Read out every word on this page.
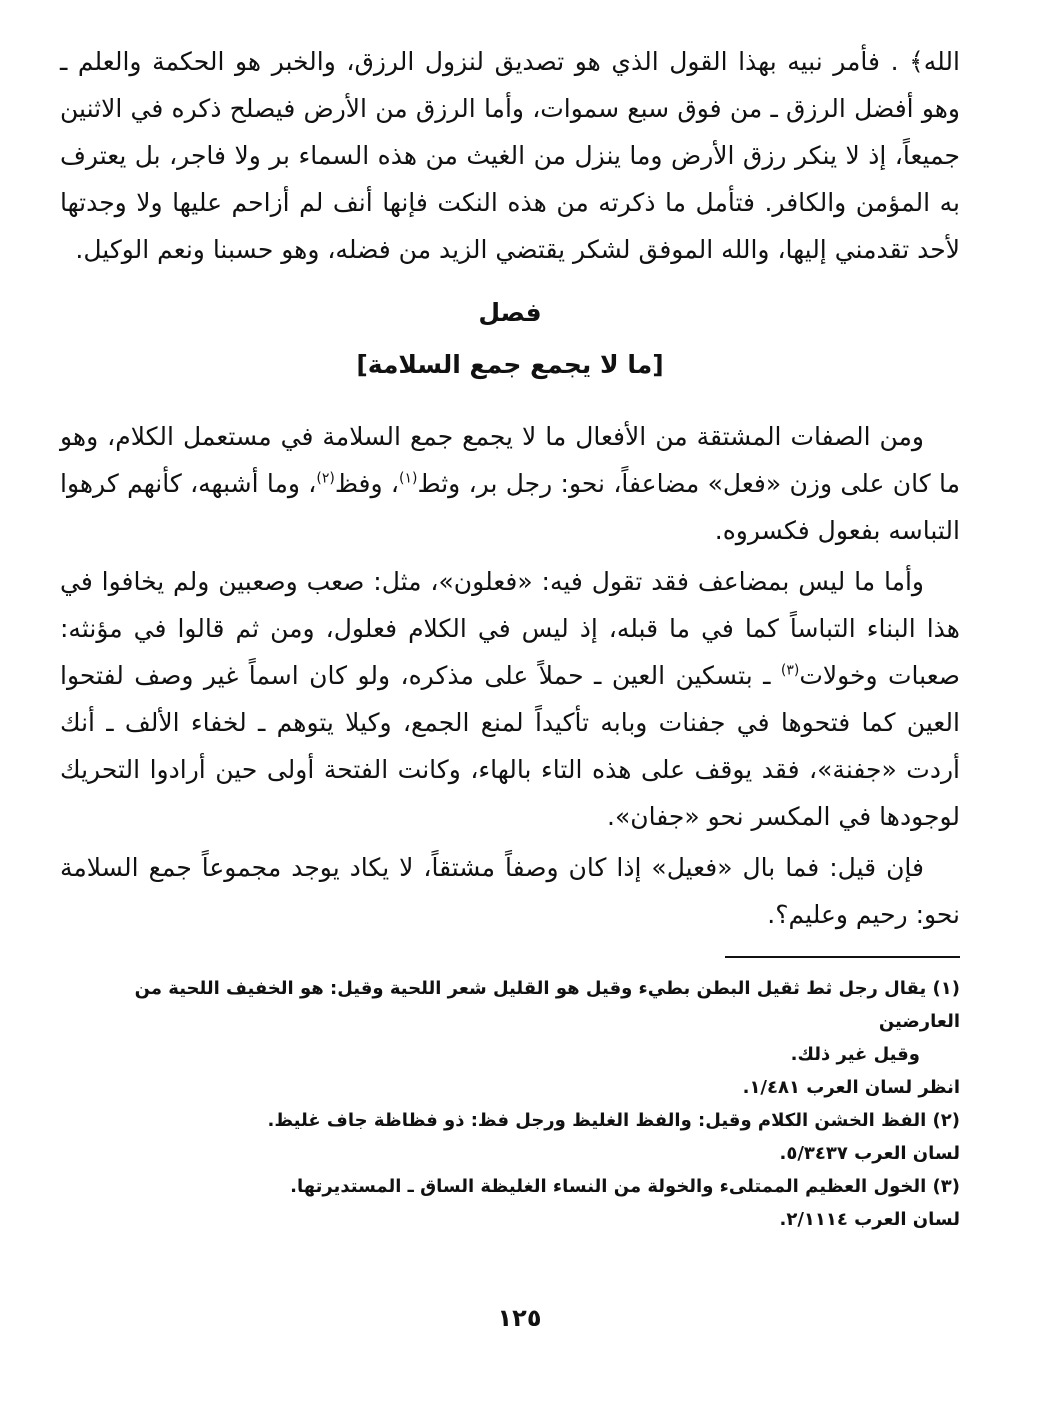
الله﴾ . فأمر نبيه بهذا القول الذي هو تصديق لنزول الرزق، والخبر هو الحكمة والعلم ـ وهو أفضل الرزق ـ من فوق سبع سموات، وأما الرزق من الأرض فيصلح ذكره في الاثنين جميعاً، إذ لا ينكر رزق الأرض وما ينزل من الغيث من هذه السماء بر ولا فاجر، بل يعترف به المؤمن والكافر. فتأمل ما ذكرته من هذه النكت فإنها أنف لم أزاحم عليها ولا وجدتها لأحد تقدمني إليها، والله الموفق لشكر يقتضي الزيد من فضله، وهو حسبنا ونعم الوكيل.

فصل
[ما لا يجمع جمع السلامة]

ومن الصفات المشتقة من الأفعال ما لا يجمع جمع السلامة في مستعمل الكلام، وهو ما كان على وزن «فعل» مضاعفاً، نحو: رجل بر، وثط$^{(١)}$، وفظ$^{(٢)}$، وما أشبهه، كأنهم كرهوا التباسه بفعول فكسروه.

وأما ما ليس بمضاعف فقد تقول فيه: «فعلون»، مثل: صعب وصعبين ولم يخافوا في هذا البناء التباساً كما في ما قبله، إذ ليس في الكلام فعلول، ومن ثم قالوا في مؤنثه: صعبات وخولات$^{(٣)}$ ـ بتسكين العين ـ حملاً على مذكره، ولو كان اسماً غير وصف لفتحوا العين كما فتحوها في جفنات وبابه تأكيداً لمنع الجمع، وكيلا يتوهم ـ لخفاء الألف ـ أنك أردت «جفنة»، فقد يوقف على هذه التاء بالهاء، وكانت الفتحة أولى حين أرادوا التحريك لوجودها في المكسر نحو «جفان».

فإن قيل: فما بال «فعيل» إذا كان وصفاً مشتقاً، لا يكاد يوجد مجموعاً جمع السلامة نحو: رحيم وعليم؟.

(١) يقال رجل ثط ثقيل البطن بطيء وقيل هو القليل شعر اللحية وقيل: هو الخفيف اللحية من العارضين

وقيل غير ذلك.

انظر لسان العرب ١/٤٨١.

(٢) الفظ الخشن الكلام وقيل: والفظ الغليظ ورجل فظ: ذو فظاظة جاف غليظ.

لسان العرب ٥/٣٤٣٧.

(٣) الخول العظيم الممتلىء والخولة من النساء الغليظة الساق ـ المستديرتها.

لسان العرب ٢/١١١٤.

١٢٥
